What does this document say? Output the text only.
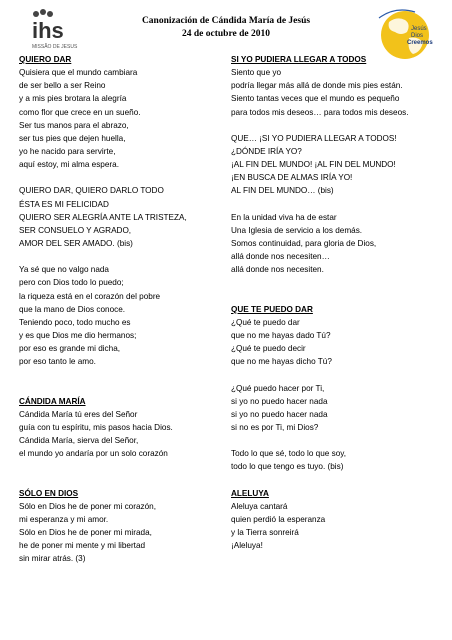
ihs
MISSÃO DE JESUS
Canonización de Cándida María de Jesús
24 de octubre de 2010	Jesús
Dios
Creemos
QUIERO DAR
Quisiera que el mundo cambiara
de ser bello a ser Reino
y a mis pies brotara la alegría
como flor que crece en un sueño.
Ser tus manos para el abrazo,
ser tus pies que dejen huella,
yo he nacido para servirte,
aquí estoy, mi alma espera.
QUIERO DAR, QUIERO DARLO TODO
ÉSTA ES MI FELICIDAD
QUIERO SER ALEGRÍA ANTE LA TRISTEZA,
SER CONSUELO Y AGRADO,
AMOR DEL SER AMADO. (bis)
Ya sé que no valgo nada
pero con Dios todo lo puedo;
la riqueza está en el corazón del pobre
que la mano de Dios conoce.
Teniendo poco, todo mucho es
y es que Dios me dio hermanos;
por eso es grande mi dicha,
por eso tanto le amo.
CÁNDIDA MARÍA
Cándida María tú eres del Señor
guía con tu espíritu, mis pasos hacia Dios.
Cándida María, sierva del Señor,
el mundo yo andaría por un solo corazón
SÓLO EN DIOS
Sólo en Dios he de poner mi corazón,
mi esperanza y mi amor.
Sólo en Dios he de poner mi mirada,
he de poner mi mente y mi libertad
sin mirar atrás. (3)
SI YO PUDIERA LLEGAR A TODOS
Siento que yo
podría llegar más allá de donde mis pies están.
Siento tantas veces que el mundo es pequeño
para todos mis deseos… para todos mis deseos.
QUE… ¡SI YO PUDIERA LLEGAR A TODOS!
¿DÓNDE IRÍA YO?
¡AL FIN DEL MUNDO! ¡AL FIN DEL MUNDO!
¡EN BUSCA DE ALMAS IRÍA YO!
AL FIN DEL MUNDO… (bis)
En la unidad viva ha de estar
Una Iglesia de servicio a los demás.
Somos continuidad, para gloria de Dios,
allá donde nos necesiten…
allá donde nos necesiten.
QUE TE PUEDO DAR
¿Qué te puedo dar
que no me hayas dado Tú?
¿Qué te puedo decir
que no me hayas dicho Tú?
¿Qué puedo hacer por Ti,
si yo no puedo hacer nada
si yo no puedo hacer nada
si no es por Ti, mi Dios?
Todo lo que sé, todo lo que soy,
todo lo que tengo es tuyo. (bis)
ALELUYA
Aleluya cantará
quien perdió la esperanza
y la Tierra sonreirá
¡Aleluya!
